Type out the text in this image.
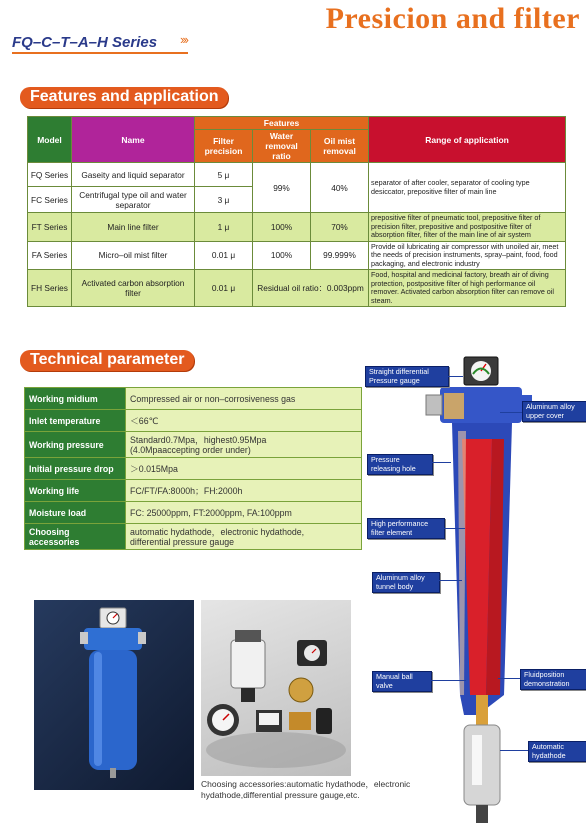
Presicion and filter
FQ–C–T–A–H Series ›››
Features and application
Model	Name	Features			Range of application
		Filter precision	Water removal ratio	Oil mist removal	
FQ Series	Gaseity and liquid separator	5 μ	99%	40%	separator of after cooler, separator of cooling type desiccator, prepositive filter of main line
FC Series	Centrifugal type oil and water separator	3 μ			
FT Series	Main line filter	1 μ	100%	70%	prepositive filter of pneumatic tool, prepositive filter of precision filter, prepositive and postpositive filter of absorption filter, filter of the main line of air system
FA Series	Micro–oil mist filter	0.01 μ	100%	99.999%	Provide oil lubricating air compressor with unoiled air, meet the needs of precision instruments, spray–paint, food, food packaging, and electronic industry
FH Series	Activated carbon absorption filter	0.01 μ	Residual oil ratio：0.003ppm		Food, hospital and medicinal factory, breath air of diving protection, postpositive filter of high performance oil remover. Activated carbon absorption filter can remove oil steam.
Technical parameter
Working midium	Compressed air or non–corrosiveness gas
Inlet temperature	＜66℃
Working pressure	Standard0.7Mpa，highest0.95Mpa
(4.0Mpaaccepting order under)
Initial pressure drop	＞0.015Mpa
Working life	FC/FT/FA:8000h；FH:2000h
Moisture load	FC: 25000ppm, FT:2000ppm, FA:100ppm
Choosing accessories	automatic hydathode，electronic hydathode,
differential pressure gauge
Choosing accessories:automatic hydathode，electronic hydathode,differential pressure gauge,etc.
Straight differential Pressure gauge
Aluminum alloy upper cover
Pressure releasing hole
High performance filter element
Aluminum alloy tunnel body
Manual ball valve
Fluidposition demonstration
Automatic hydathode
